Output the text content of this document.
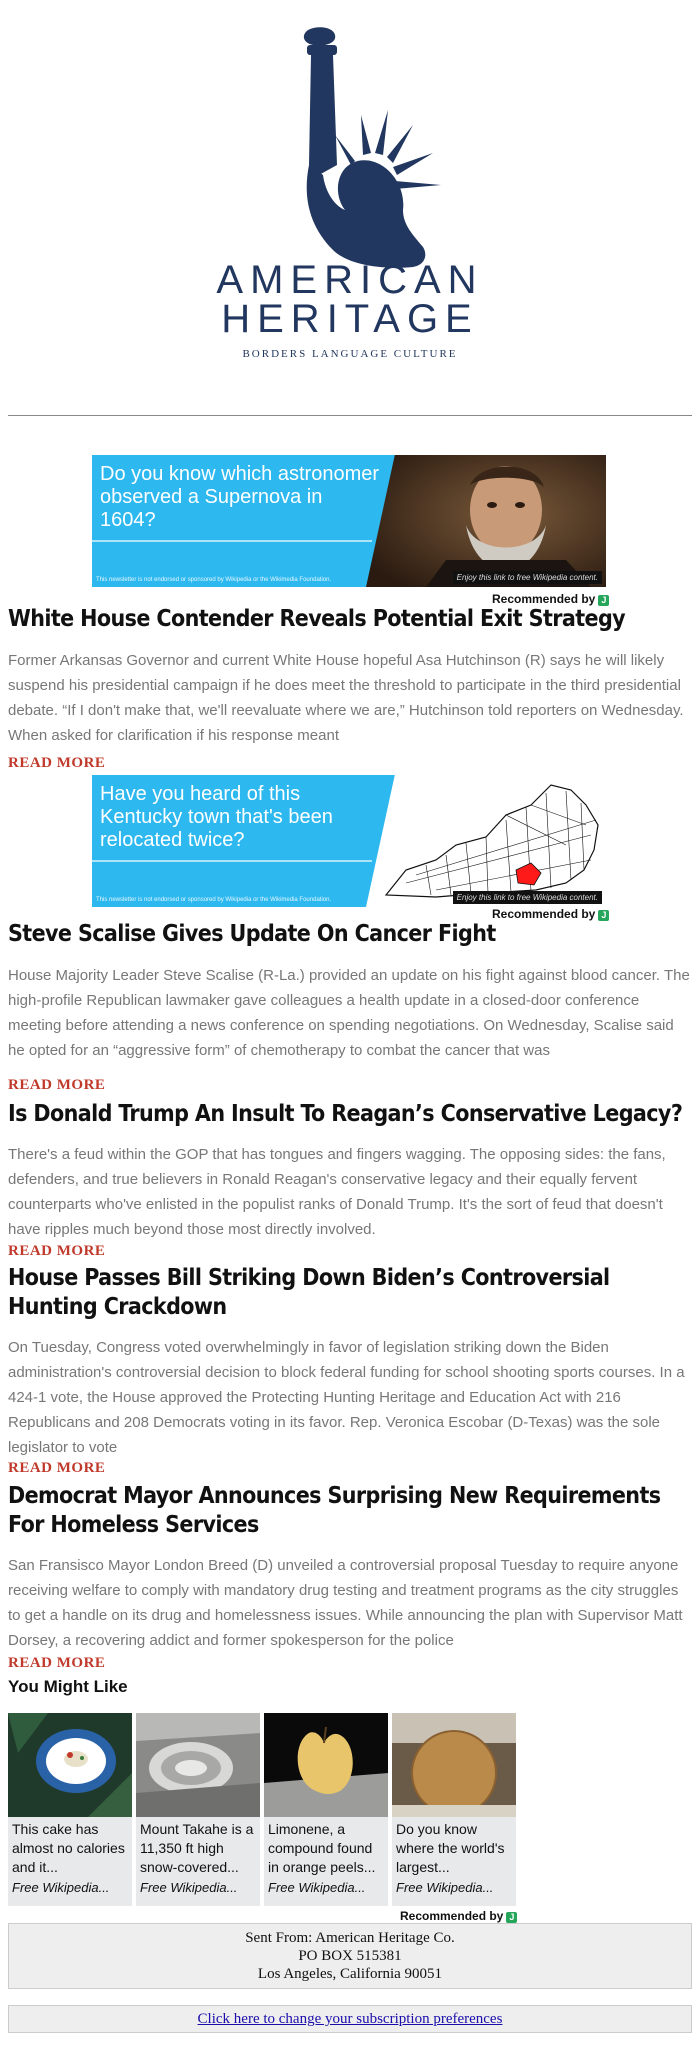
AMERICAN
HERITAGE
BORDERS LANGUAGE CULTURE
Do you know which astronomer observed a Supernova in 1604?
This newsletter is not endorsed or sponsored by Wikipedia or the Wikimedia Foundation.	Enjoy this link to free Wikipedia content.
Recommended by J
White House Contender Reveals Potential Exit Strategy
Former Arkansas Governor and current White House hopeful Asa Hutchinson (R) says he will likely suspend his presidential campaign if he does meet the threshold to participate in the third presidential debate. “If I don't make that, we'll reevaluate where we are,” Hutchinson told reporters on Wednesday. When asked for clarification if his response meant
READ MORE
Have you heard of this Kentucky town that's been relocated twice?
This newsletter is not endorsed or sponsored by Wikipedia or the Wikimedia Foundation.	Enjoy this link to free Wikipedia content.
Recommended by J
Steve Scalise Gives Update On Cancer Fight
House Majority Leader Steve Scalise (R-La.) provided an update on his fight against blood cancer. The high-profile Republican lawmaker gave colleagues a health update in a closed-door conference meeting before attending a news conference on spending negotiations. On Wednesday, Scalise said he opted for an “aggressive form” of chemotherapy to combat the cancer that was
READ MORE
Is Donald Trump An Insult To Reagan’s Conservative Legacy?
There's a feud within the GOP that has tongues and fingers wagging. The opposing sides: the fans, defenders, and true believers in Ronald Reagan's conservative legacy and their equally fervent counterparts who've enlisted in the populist ranks of Donald Trump. It's the sort of feud that doesn't have ripples much beyond those most directly involved.
READ MORE
House Passes Bill Striking Down Biden’s Controversial Hunting Crackdown
On Tuesday, Congress voted overwhelmingly in favor of legislation striking down the Biden administration's controversial decision to block federal funding for school shooting sports courses. In a 424-1 vote, the House approved the Protecting Hunting Heritage and Education Act with 216 Republicans and 208 Democrats voting in its favor. Rep. Veronica Escobar (D-Texas) was the sole legislator to vote
READ MORE
Democrat Mayor Announces Surprising New Requirements For Homeless Services
San Fransisco Mayor London Breed (D) unveiled a controversial proposal Tuesday to require anyone receiving welfare to comply with mandatory drug testing and treatment programs as the city struggles to get a handle on its drug and homelessness issues. While announcing the plan with Supervisor Matt Dorsey, a recovering addict and former spokesperson for the police
READ MORE
You Might Like
This cake has almost no calories and it...
Free Wikipedia...
Mount Takahe is a 11,350 ft high snow-covered...
Free Wikipedia...
Limonene, a compound found in orange peels...
Free Wikipedia...
Do you know where the world's largest...
Free Wikipedia...
Recommended by J
Sent From: American Heritage Co.
PO BOX 515381
Los Angeles, California 90051
Click here to change your subscription preferences
